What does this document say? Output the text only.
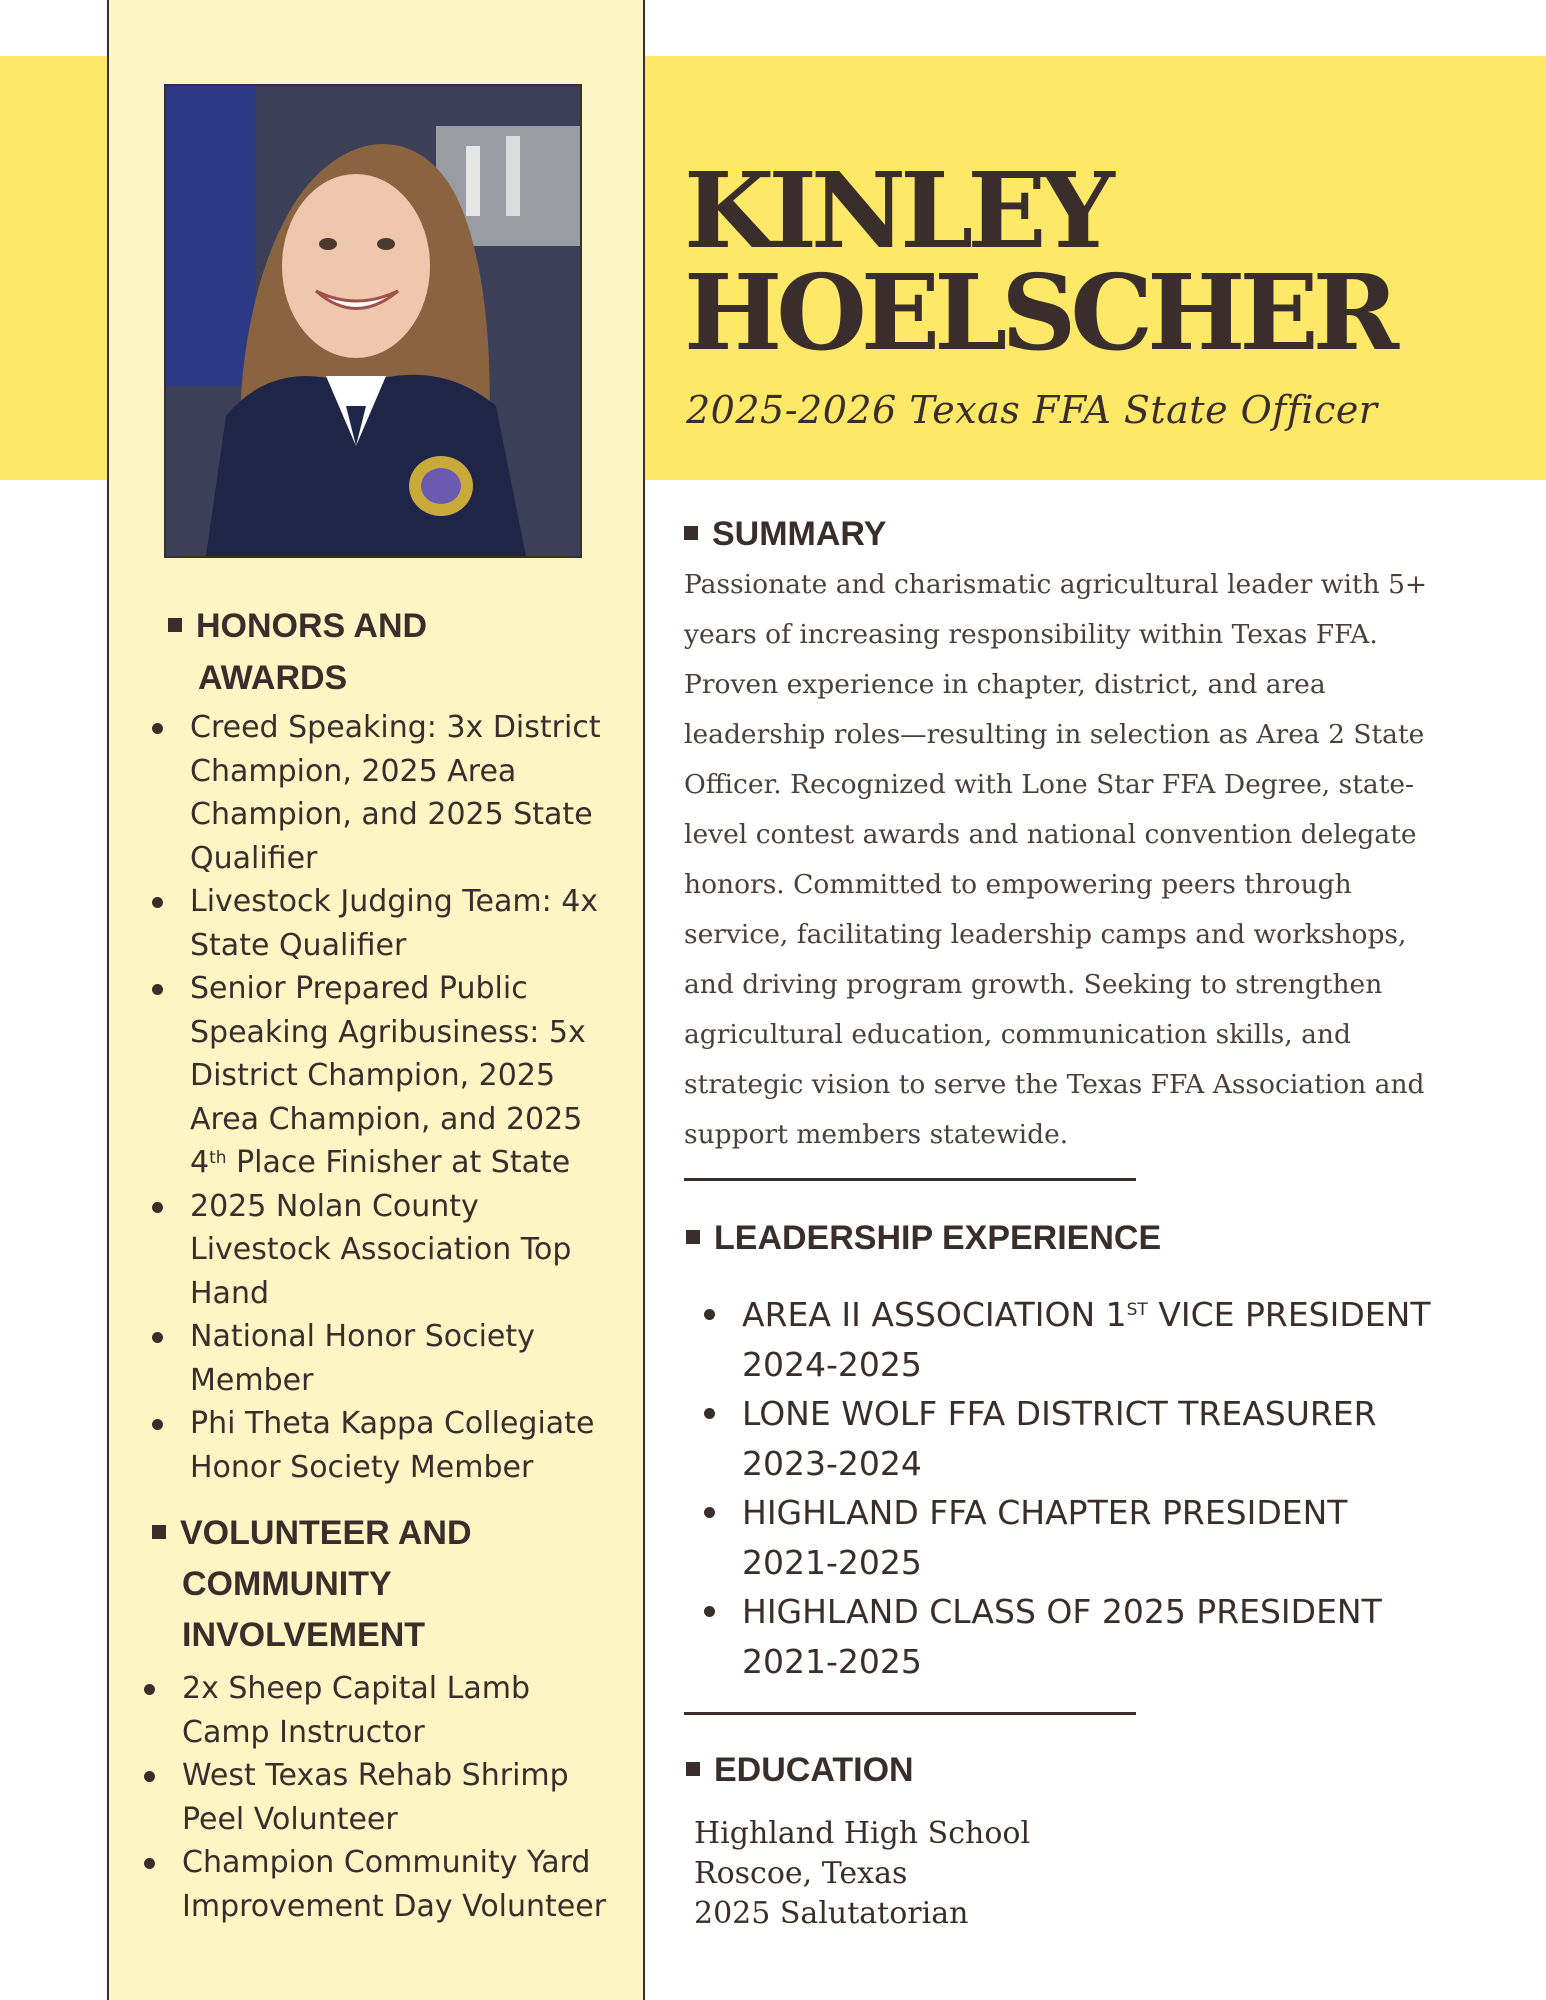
HONORS AND
AWARDS
Creed Speaking: 3x District Champion, 2025 Area Champion, and 2025 State Qualifier
Livestock Judging Team: 4x State Qualifier
Senior Prepared Public Speaking Agribusiness: 5x District Champion, 2025 Area Champion, and 2025 4th Place Finisher at State
2025 Nolan County Livestock Association Top Hand
National Honor Society Member
Phi Theta Kappa Collegiate Honor Society Member
VOLUNTEER AND
COMMUNITY
INVOLVEMENT
2x Sheep Capital Lamb Camp Instructor
West Texas Rehab Shrimp Peel Volunteer
Champion Community Yard Improvement Day Volunteer
KINLEY
HOELSCHER
2025-2026 Texas FFA State Officer
SUMMARY

Passionate and charismatic agricultural leader with 5+ years of increasing responsibility within Texas FFA. Proven experience in chapter, district, and area leadership roles—resulting in selection as Area 2 State Officer. Recognized with Lone Star FFA Degree, state-level contest awards and national convention delegate honors. Committed to empowering peers through service, facilitating leadership camps and workshops, and driving program growth. Seeking to strengthen agricultural education, communication skills, and strategic vision to serve the Texas FFA Association and support members statewide.

LEADERSHIP EXPERIENCE
AREA II ASSOCIATION 1ST VICE PRESIDENT
2024-2025
LONE WOLF FFA DISTRICT TREASURER
2023-2024
HIGHLAND FFA CHAPTER PRESIDENT
2021-2025
HIGHLAND CLASS OF 2025 PRESIDENT
2021-2025
EDUCATION
Highland High School
Roscoe, Texas
2025 Salutatorian
